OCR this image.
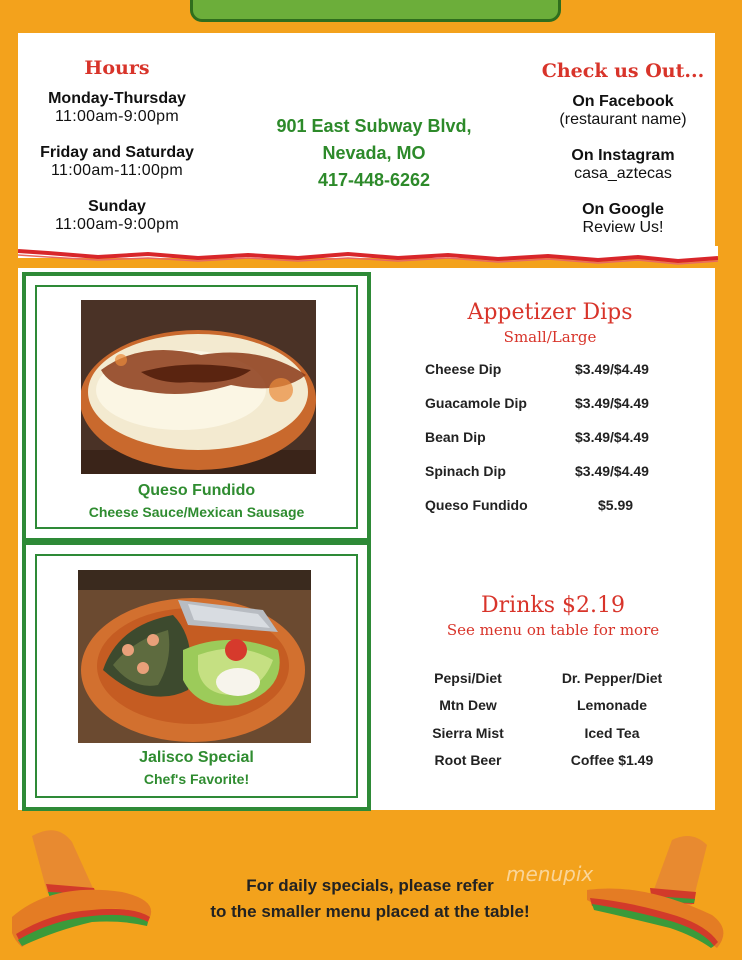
Hours
Monday-Thursday
11:00am-9:00pm
Friday and Saturday
11:00am-11:00pm
Sunday
11:00am-9:00pm
901 East Subway Blvd,
Nevada, MO
417-448-6262
Check us Out...
On Facebook
(restaurant name)
On Instagram
casa_aztecas
On Google
Review Us!
Queso Fundido
Cheese Sauce/Mexican Sausage
Jalisco Special
Chef's Favorite!
Appetizer Dips
Small/Large
Cheese Dip	$3.49/$4.49
Guacamole Dip	$3.49/$4.49
Bean Dip	$3.49/$4.49
Spinach Dip	$3.49/$4.49
Queso Fundido	$5.99
Drinks $2.19
See menu on table for more
Pepsi/Diet
Mtn Dew
Sierra Mist
Root Beer
Dr. Pepper/Diet
Lemonade
Iced Tea
Coffee $1.49
For daily specials, please refer
to the smaller menu placed at the table!
menupix
